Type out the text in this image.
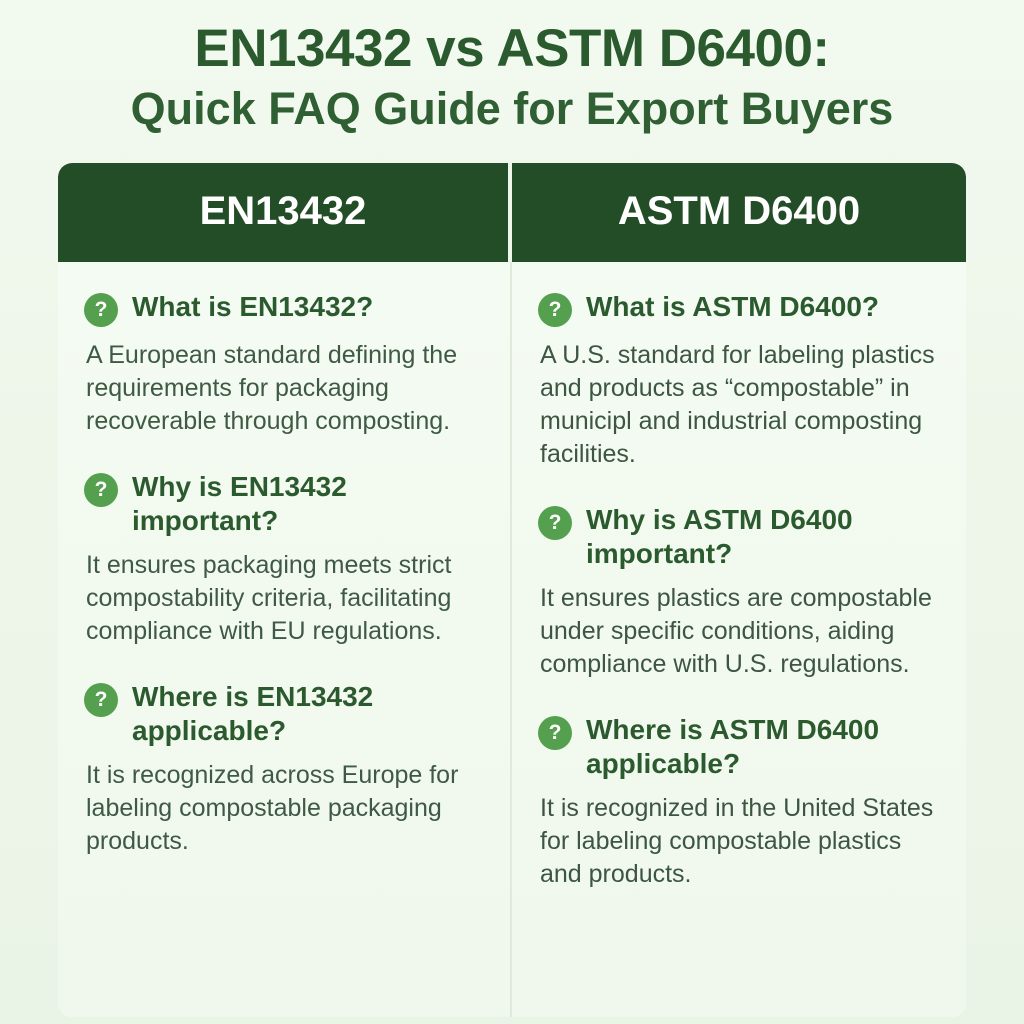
EN13432 vs ASTM D6400:
Quick FAQ Guide for Export Buyers
EN13432	ASTM D6400
? What is EN13432?
A European standard defining the requirements for packaging recoverable through composting.
? Why is EN13432 important?
It ensures packaging meets strict compostability criteria, facilitating compliance with EU regulations.
? Where is EN13432 applicable?
It is recognized across Europe for labeling compostable packaging products.
? What is ASTM D6400?
A U.S. standard for labeling plastics and products as “compostable” in municipl and industrial composting facilities.
? Why is ASTM D6400 important?
It ensures plastics are compostable under specific conditions, aiding compliance with U.S. regulations.
? Where is ASTM D6400 applicable?
It is recognized in the United States for labeling compostable plastics and products.
